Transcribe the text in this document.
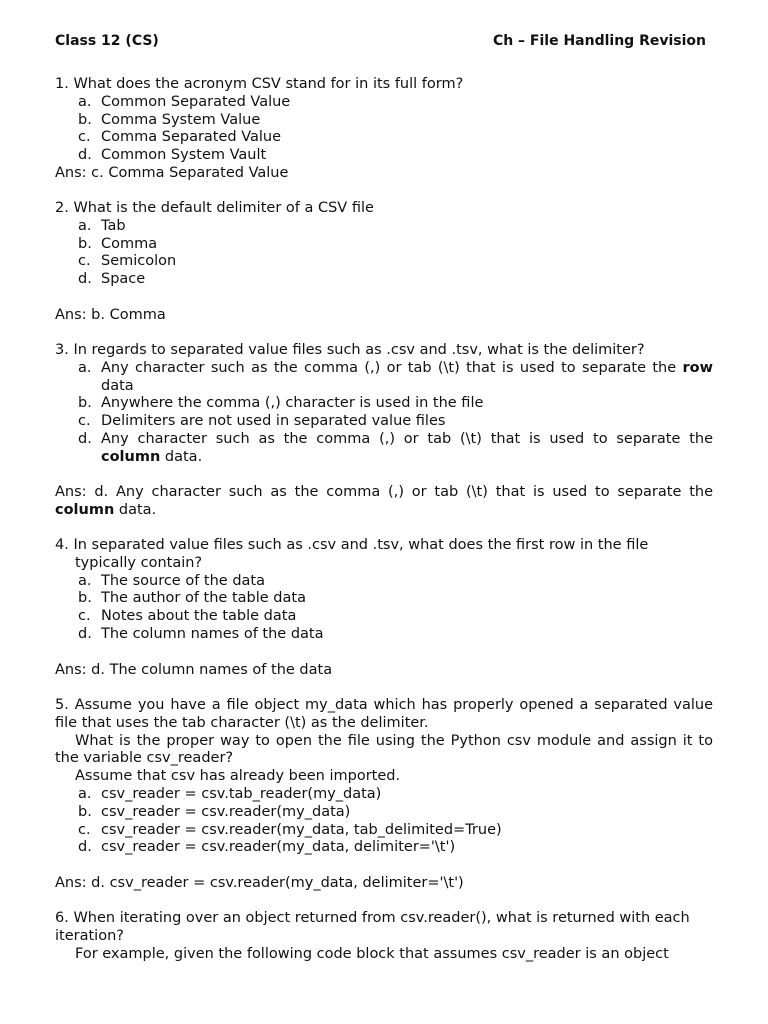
Class 12 (CS)	Ch – File Handling Revision
1. What does the acronym CSV stand for in its full form?
a. Common Separated Value
b. Comma System Value
c. Comma Separated Value
d. Common System Vault
Ans: c. Comma Separated Value
2. What is the default delimiter of a CSV file
a. Tab
b. Comma
c. Semicolon
d. Space
Ans: b. Comma
3. In regards to separated value files such as .csv and .tsv, what is the delimiter?
a. Any character such as the comma (,) or tab (\t) that is used to separate the row data
b. Anywhere the comma (,) character is used in the file
c. Delimiters are not used in separated value files
d. Any character such as the comma (,) or tab (\t) that is used to separate the column data.
Ans: d. Any character such as the comma (,) or tab (\t) that is used to separate the column data.
4. In separated value files such as .csv and .tsv, what does the first row in the file
typically contain?
a. The source of the data
b. The author of the table data
c. Notes about the table data
d. The column names of the data
Ans: d. The column names of the data
5. Assume you have a file object my_data which has properly opened a separated value file that uses the tab character (\t) as the delimiter.
What is the proper way to open the file using the Python csv module and assign it to the variable csv_reader?
Assume that csv has already been imported.
a. csv_reader = csv.tab_reader(my_data)
b. csv_reader = csv.reader(my_data)
c. csv_reader = csv.reader(my_data, tab_delimited=True)
d. csv_reader = csv.reader(my_data, delimiter='\t')
Ans: d. csv_reader = csv.reader(my_data, delimiter='\t')
6. When iterating over an object returned from csv.reader(), what is returned with each iteration?
For example, given the following code block that assumes csv_reader is an object
